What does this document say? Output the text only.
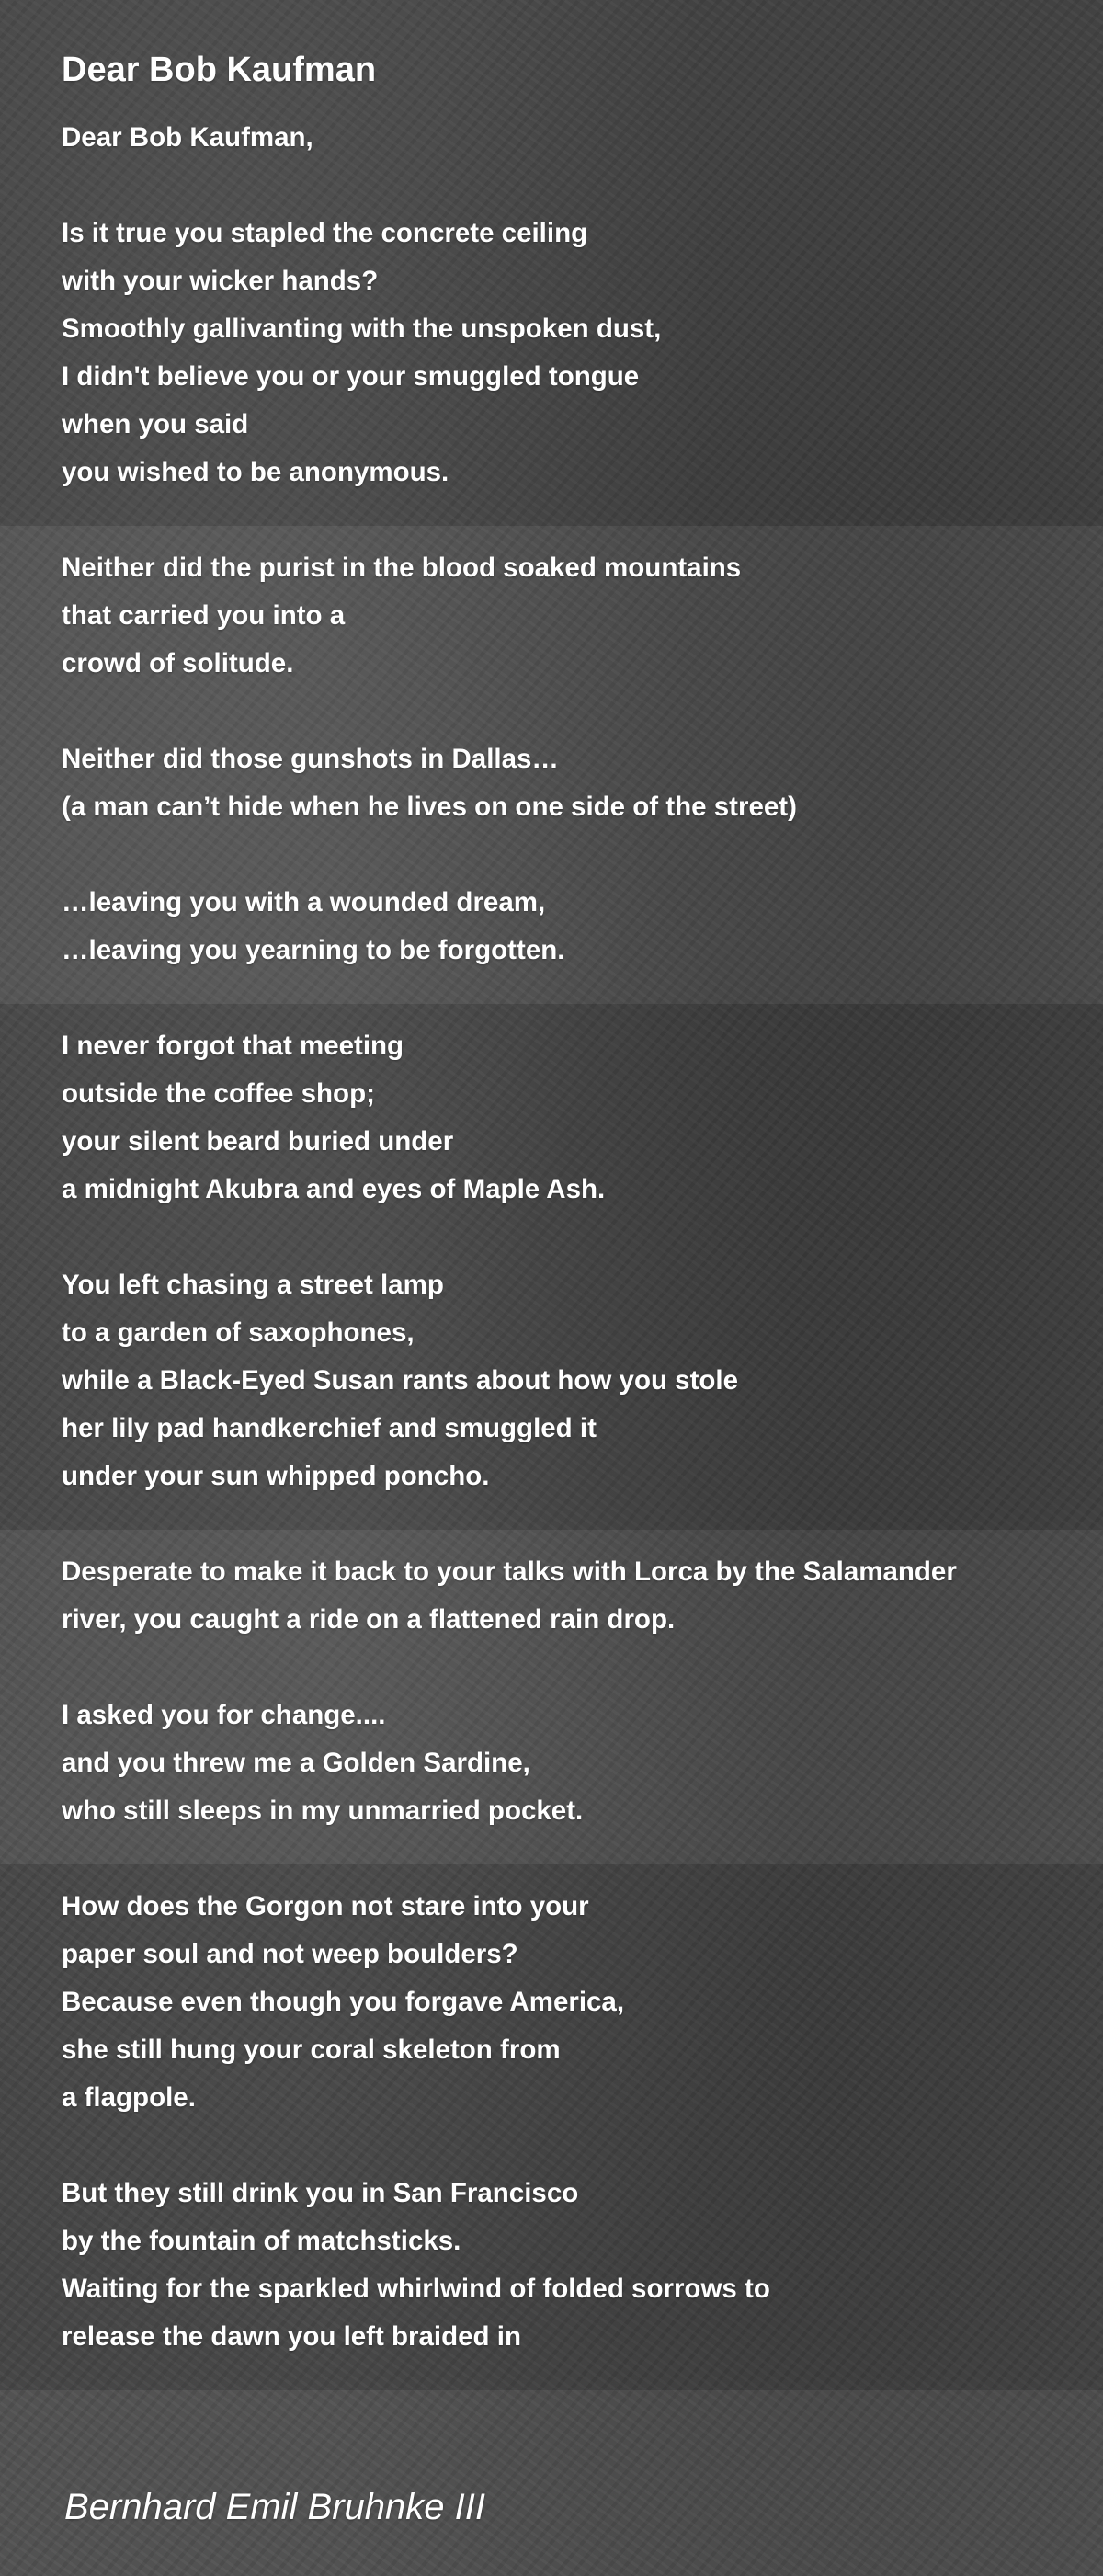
Dear Bob Kaufman
Dear Bob Kaufman,

Is it true you stapled the concrete ceiling
with your wicker hands?
Smoothly gallivanting with the unspoken dust,
I didn't believe you or your smuggled tongue
when you said
you wished to be anonymous.

Neither did the purist in the blood soaked mountains
that carried you into a
crowd of solitude.

Neither did those gunshots in Dallas…
(a man can’t hide when he lives on one side of the street)

…leaving you with a wounded dream,
…leaving you yearning to be forgotten.

I never forgot that meeting
outside the coffee shop;
your silent beard buried under
a midnight Akubra and eyes of Maple Ash.

You left chasing a street lamp
to a garden of saxophones,
while a Black-Eyed Susan rants about how you stole
her lily pad handkerchief and smuggled it
under your sun whipped poncho.

Desperate to make it back to your talks with Lorca by the Salamander
river, you caught a ride on a flattened rain drop.

I asked you for change....
and you threw me a Golden Sardine,
who still sleeps in my unmarried pocket.

How does the Gorgon not stare into your
paper soul and not weep boulders?
Because even though you forgave America,
she still hung your coral skeleton from
a flagpole.

But they still drink you in San Francisco
by the fountain of matchsticks.
Waiting for the sparkled whirlwind of folded sorrows to
release the dawn you left braided in
Bernhard Emil Bruhnke III
